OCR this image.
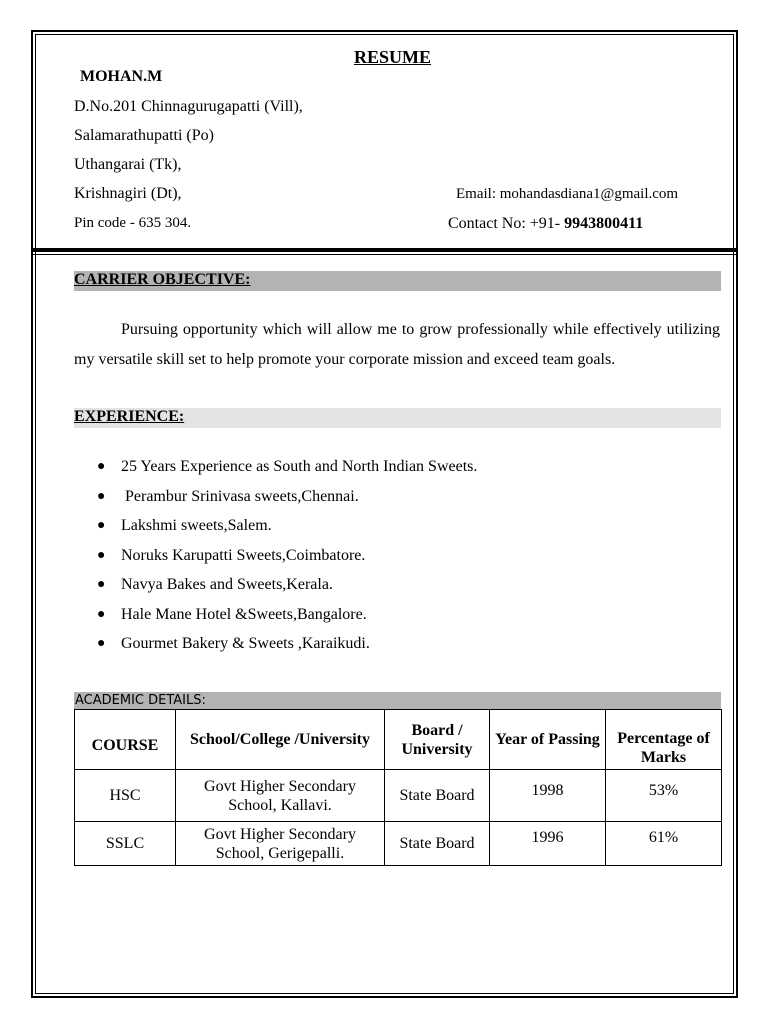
RESUME
MOHAN.M
D.No.201 Chinnagurugapatti (Vill),
Salamarathupatti (Po)
Uthangarai (Tk),
Krishnagiri (Dt),
Pin code - 635 304.
Email: mohandasdiana1@gmail.com
Contact No: +91- 9943800411
CARRIER OBJECTIVE:
Pursuing opportunity which will allow me to grow professionally while effectively utilizing my versatile skill set to help promote your corporate mission and exceed team goals.
EXPERIENCE:
● 25 Years Experience as South and North Indian Sweets.
● Perambur Srinivasa sweets,Chennai.
● Lakshmi sweets,Salem.
● Noruks Karupatti Sweets,Coimbatore.
● Navya Bakes and Sweets,Kerala.
● Hale Mane Hotel &Sweets,Bangalore.
● Gourmet Bakery & Sweets ,Karaikudi.
ACADEMIC DETAILS:
COURSE	School/College /University	Board / University	Year of Passing	Percentage of Marks
HSC	Govt Higher Secondary School, Kallavi.	State Board	1998	53%
SSLC	Govt Higher Secondary School, Gerigepalli.	State Board	1996	61%
